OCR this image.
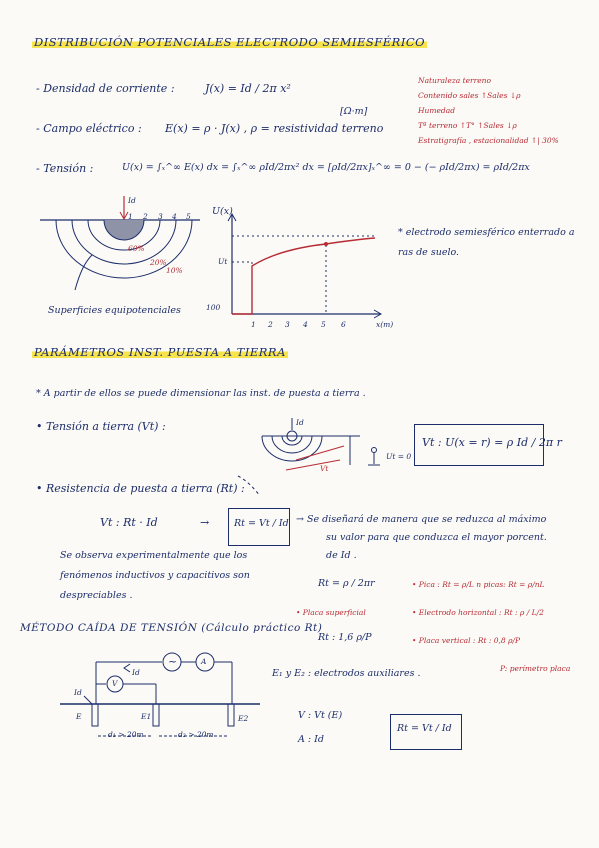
DISTRIBUCIÓN POTENCIALES ELECTRODO SEMIESFÉRICO
- Densidad de corriente :	J(x) = Id / 2π x²
- Campo eléctrico : E(x) = ρ · J(x) , ρ = resistividad terreno
[Ω·m]
- Tensión :	U(x) = ∫ₓ^∞ E(x) dx = ∫ₓ^∞ ρId/2πx² dx = [ρId/2πx]ₓ^∞ = 0 − (− ρId/2πx) = ρId/2πx
Naturaleza terreno
Contenido sales ↑Sales ↓ρ
Humedad
Tª terreno ↑T° ↑Sales ↓ρ
Estratigrafía , estacionalidad ↑| 30%
Id
1 2 3 4 5
60%
20%
10%
Superficies equipotenciales
U(x)
Ut
100
1 2 3 4 5 6	x(m)
* electrodo semiesférico enterrado a ras de suelo.
PARÁMETROS INST. PUESTA A TIERRA
* A partir de ellos se puede dimensionar las inst. de puesta a tierra .
• Tensión a tierra (Vt) :
Vt : U(x = r) = ρ Id / 2π r
Id
Ut = 0
Vt
• Resistencia de puesta a tierra (Rt) :
Vt : Rt · Id	→	Rt = Vt / Id → Se diseñará de manera que se reduzca al máximo
su valor para que conduzca el mayor porcent.
de Id .
Se observa experimentalmente que los
fenómenos inductivos y capacitivos son
despreciables .
Rt = ρ / 2πr	• Pica : Rt = ρ/L n picas: Rt = ρ/nL
• Placa superficial	• Electrodo horizontal : Rt : ρ / L/2
Rt : 1,6 ρ/P	• Placa vertical : Rt : 0,8 ρ/P
P: perímetro placa
MÉTODO CAÍDA DE TENSIÓN (Cálculo práctico Rt)
~	A
V
Id
Id
E	E1	E2
d₁ > 20m	d₂ > 20m
E₁ y E₂ : electrodos auxiliares .
V : Vt (E)
A : Id
Rt = Vt / Id
